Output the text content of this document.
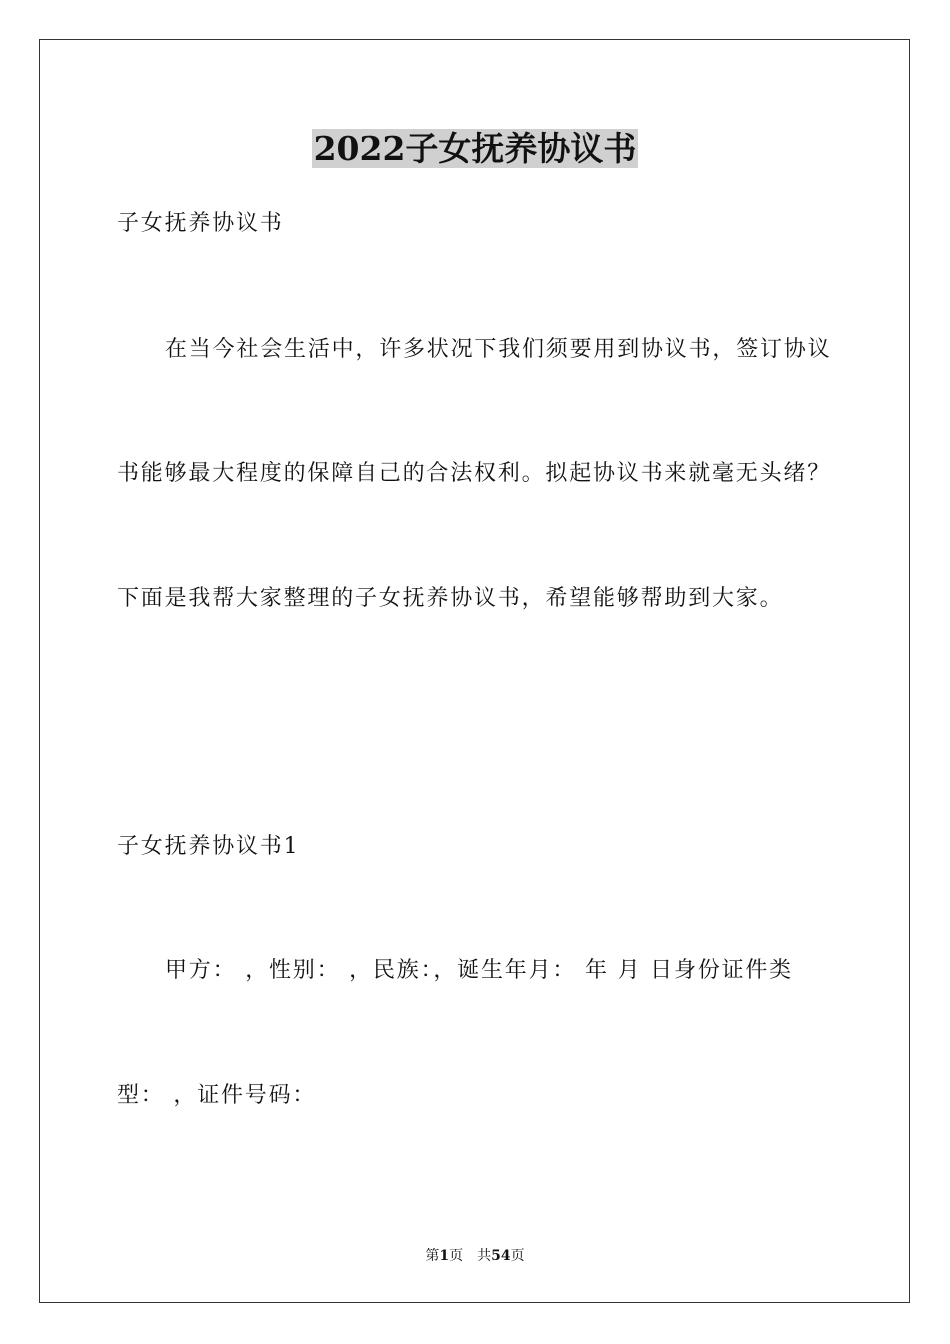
2022子女抚养协议书
子女抚养协议书
在当今社会生活中，许多状况下我们须要用到协议书，签订协议
书能够最大程度的保障自己的合法权利。拟起协议书来就毫无头绪？
下面是我帮大家整理的子女抚养协议书，希望能够帮助到大家。
子女抚养协议书1
甲方： ，性别： ，民族：，诞生年月： 年 月 日身份证件类
型： ，证件号码：
第1页 共54页
